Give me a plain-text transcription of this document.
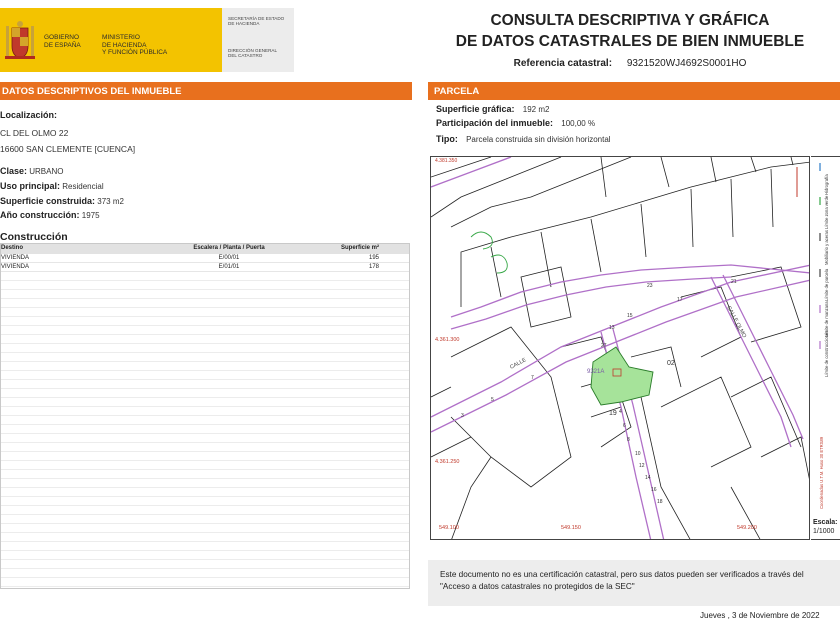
GOBIERNO
DE ESPAÑA
MINISTERIO
DE HACIENDA
Y FUNCIÓN PÚBLICA
SECRETARÍA DE ESTADO
DE HACIENDA
DIRECCIÓN GENERAL
DEL CATASTRO
CONSULTA DESCRIPTIVA Y GRÁFICA
DE DATOS CATASTRALES DE BIEN INMUEBLE
Referencia catastral: 9321520WJ4692S0001HO
DATOS DESCRIPTIVOS DEL INMUEBLE	PARCELA
Localización:
CL DEL OLMO 22
16600 SAN CLEMENTE [CUENCA]
Clase: URBANO
Uso principal: Residencial
Superficie construida: 373 m2
Año construcción: 1975
Construcción
Destino	Escalera / Planta / Puerta	Superficie m²
VIVIENDA	E/00/01	195
VIVIENDA	E/01/01	178
Superficie gráfica: 192 m2
Participación del inmueble: 100,00 %
Tipo: Parcela construida sin división horizontal
4.381.350
4.361.300
4.361.250
549.100	549.150	549.200
CALLE
CALLE OLMO
02
19
9321A
27
23
21
17
15
13
4
6
8
10
12
14
16
18
3
5
7
Hidrografía
Límite zona verde
Mobiliario y aceras
Límite de parcela
Límite de manzana
Límite de construcciones
Coordenadas U.T.M. Huso 30 ETRS89
Escala:
1/1000
Este documento no es una certificación catastral, pero sus datos pueden ser verificados a través del "Acceso a datos catastrales no protegidos de la SEC"
Jueves , 3 de Noviembre de 2022
